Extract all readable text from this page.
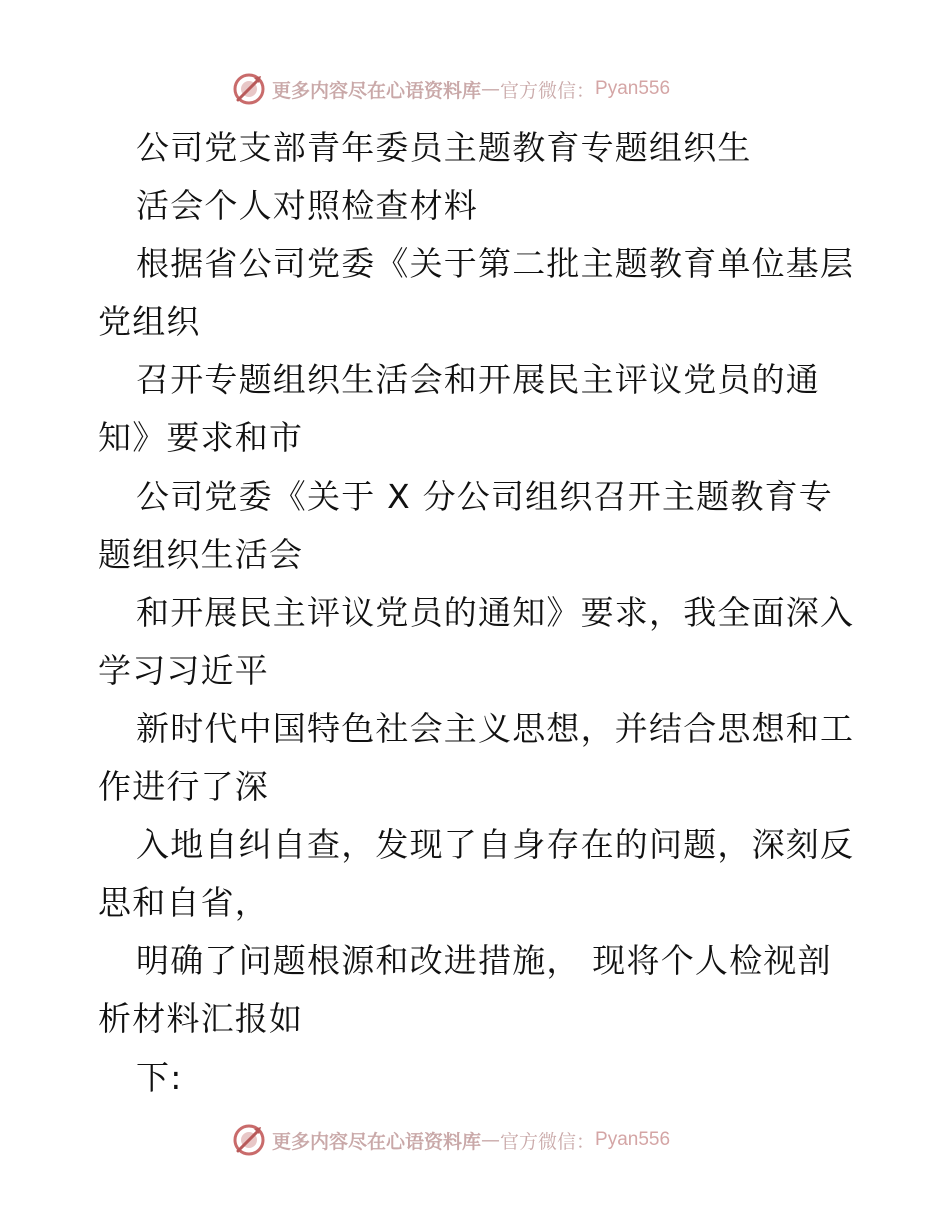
更多内容尽在心语资料库 — 官方微信： Pyan556
公司党支部青年委员主题教育专题组织生
活会个人对照检查材料
根据省公司党委《关于第二批主题教育单位基层
党组织
召开专题组织生活会和开展民主评议党员的通
知》要求和市
公司党委《关于 X 分公司组织召开主题教育专
题组织生活会
和开展民主评议党员的通知》要求，我全面深入
学习习近平
新时代中国特色社会主义思想，并结合思想和工
作进行了深
入地自纠自查，发现了自身存在的问题，深刻反
思和自省，
明确了问题根源和改进措施， 现将个人检视剖
析材料汇报如
下:
更多内容尽在心语资料库 — 官方微信： Pyan556
